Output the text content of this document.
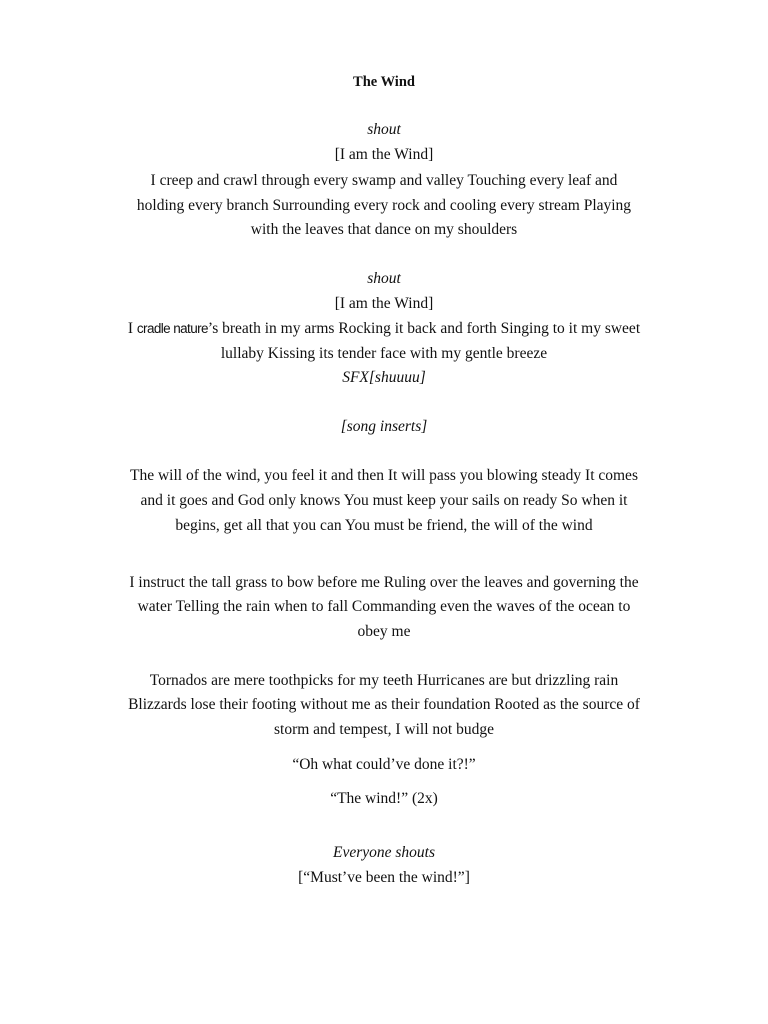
The Wind
shout
[I am the Wind]
I creep and crawl through every swamp and valley Touching every leaf and
holding every branch Surrounding every rock and cooling every stream Playing
with the leaves that dance on my shoulders
shout
[I am the Wind]
I cradle nature’s breath in my arms Rocking it back and forth Singing to it my sweet
lullaby Kissing its tender face with my gentle breeze
SFX[shuuuu]
[song inserts]
The will of the wind, you feel it and then It will pass you blowing steady It comes
and it goes and God only knows You must keep your sails on ready So when it
begins, get all that you can You must be friend, the will of the wind
I instruct the tall grass to bow before me Ruling over the leaves and governing the
water Telling the rain when to fall Commanding even the waves of the ocean to
obey me
Tornados are mere toothpicks for my teeth Hurricanes are but drizzling rain
Blizzards lose their footing without me as their foundation Rooted as the source of
storm and tempest, I will not budge
“Oh what could’ve done it?!”
“The wind!” (2x)
Everyone shouts
[“Must’ve been the wind!”]
